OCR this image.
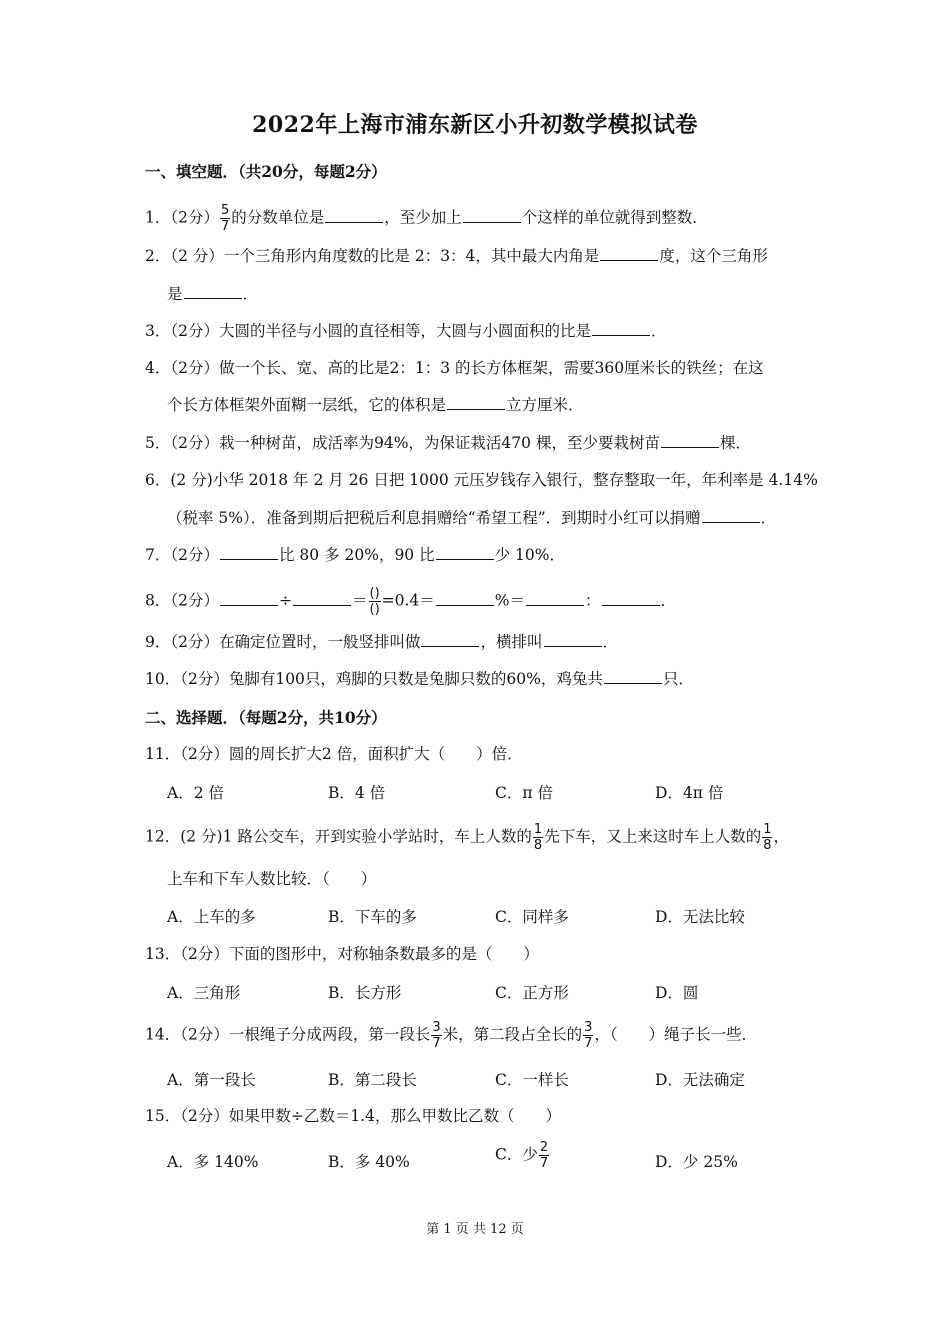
2022年上海市浦东新区小升初数学模拟试卷
一、填空题．（共20分，每题2分）
1．（2分） $\frac{5}{7}$ 的分数单位是	，至少加上	个这样的单位就得到整数．
2．（2 分）一个三角形内角度数的比是 2：3：4，其中最大内角是	度，这个三角形
是	．
3．（2分）大圆的半径与小圆的直径相等，大圆与小圆面积的比是	．
4．（2分）做一个长、宽、高的比是2：1：3 的长方体框架，需要360厘米长的铁丝；在这
个长方体框架外面糊一层纸，它的体积是	立方厘米．
5．（2分）栽一种树苗，成活率为94%，为保证栽活470 棵，至少要栽树苗	棵．
6．(2 分)小华 2018 年 2 月 26 日把 1000 元压岁钱存入银行，整存整取一年，年利率是 4.14%
（税率 5%）．准备到期后把税后利息捐赠给“希望工程”．到期时小红可以捐赠	．
7．（2分）	比 80 多 20%，90 比	少 10%．
8．（2分）	÷	＝ $\frac{()}{()} =0.4=$	%＝	：	．
9．（2分）在确定位置时，一般竖排叫做	，横排叫	．
10．（2分）兔脚有100只，鸡脚的只数是兔脚只数的60%，鸡兔共	只．
二、选择题．（每题2分，共10分）
11．（2分）圆的周长扩大2 倍，面积扩大（　　）倍．
A．2 倍	B．4 倍	C．π 倍	D．4π 倍
12．(2 分)1 路公交车，开到实验小学站时，车上人数的 $\frac{1}{8}$ 先下车，又上来这时车上人数的 $\frac{1}{8}$ ，
上车和下车人数比较．（　　）
A．上车的多	B．下车的多	C．同样多	D．无法比较
13．（2分）下面的图形中，对称轴条数最多的是（　　）
A．三角形	B．长方形	C．正方形	D．圆
14．（2分）一根绳子分成两段，第一段长 $\frac{3}{7}$ 米，第二段占全长的 $\frac{3}{7}$ ，（　　）绳子长一些．
A．第一段长	B．第二段长	C．一样长	D．无法确定
15．（2分）如果甲数÷乙数＝1.4，那么甲数比乙数（　　）
A．多 140%	B．多 40%	C．少 $\frac{2}{7}$	D．少 25%
第 1 页 共 12 页
